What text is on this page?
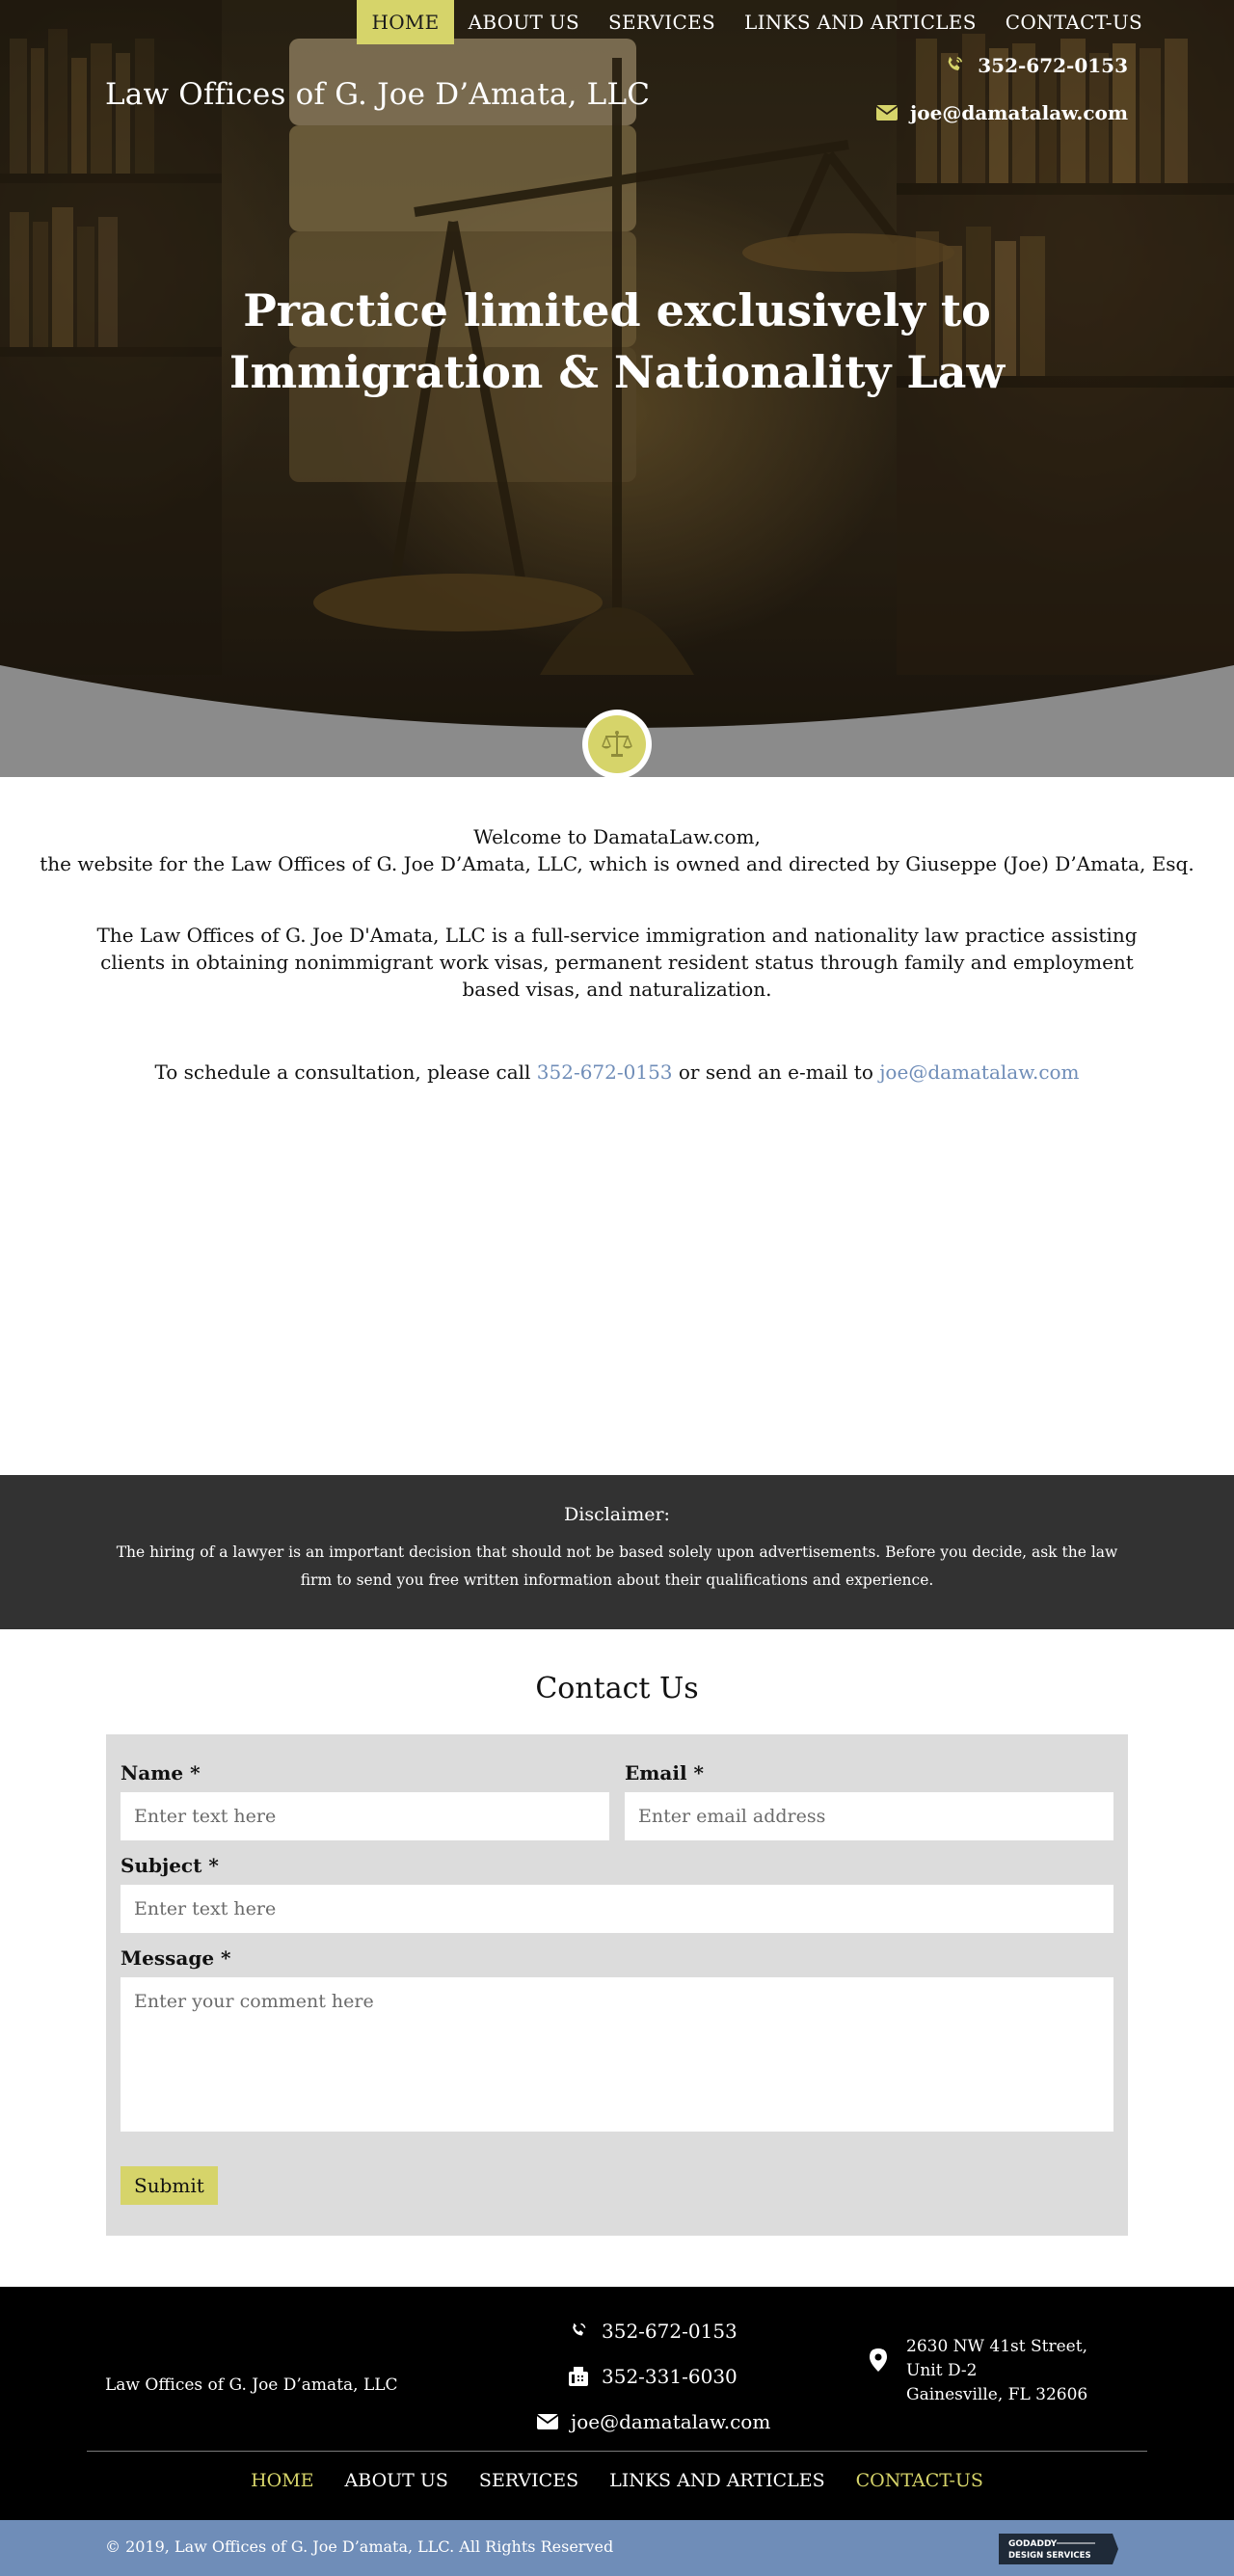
HOME	ABOUT US	SERVICES	LINKS AND ARTICLES	CONTACT-US
Law Offices of G. Joe D’Amata, LLC
352-672-0153
joe@damatalaw.com
Practice limited exclusively to Immigration & Nationality Law

Welcome to DamataLaw.com,

the website for the Law Offices of G. Joe D’Amata, LLC, which is owned and directed by Giuseppe (Joe) D’Amata, Esq.

The Law Offices of G. Joe D'Amata, LLC is a full-service immigration and nationality law practice assisting clients in obtaining nonimmigrant work visas, permanent resident status through family and employment based visas, and naturalization.

To schedule a consultation, please call 352-672-0153 or send an e-mail to joe@damatalaw.com

Disclaimer:

The hiring of a lawyer is an important decision that should not be based solely upon advertisements. Before you decide, ask the law firm to send you free written information about their qualifications and experience.

Contact Us
Name *
Enter text here	Email *
Enter email address
Subject *
Enter text here
Message *
Enter your comment here
Submit
Law Offices of G. Joe D’amata, LLC
352-672-0153
352-331-6030
joe@damatalaw.com
2630 NW 41st Street,
Unit D-2
Gainesville, FL 32606
HOME	ABOUT US	SERVICES	LINKS AND ARTICLES	CONTACT-US
© 2019, Law Offices of G. Joe D’amata, LLC. All Rights Reserved	GODADDY
DESIGN SERVICES
